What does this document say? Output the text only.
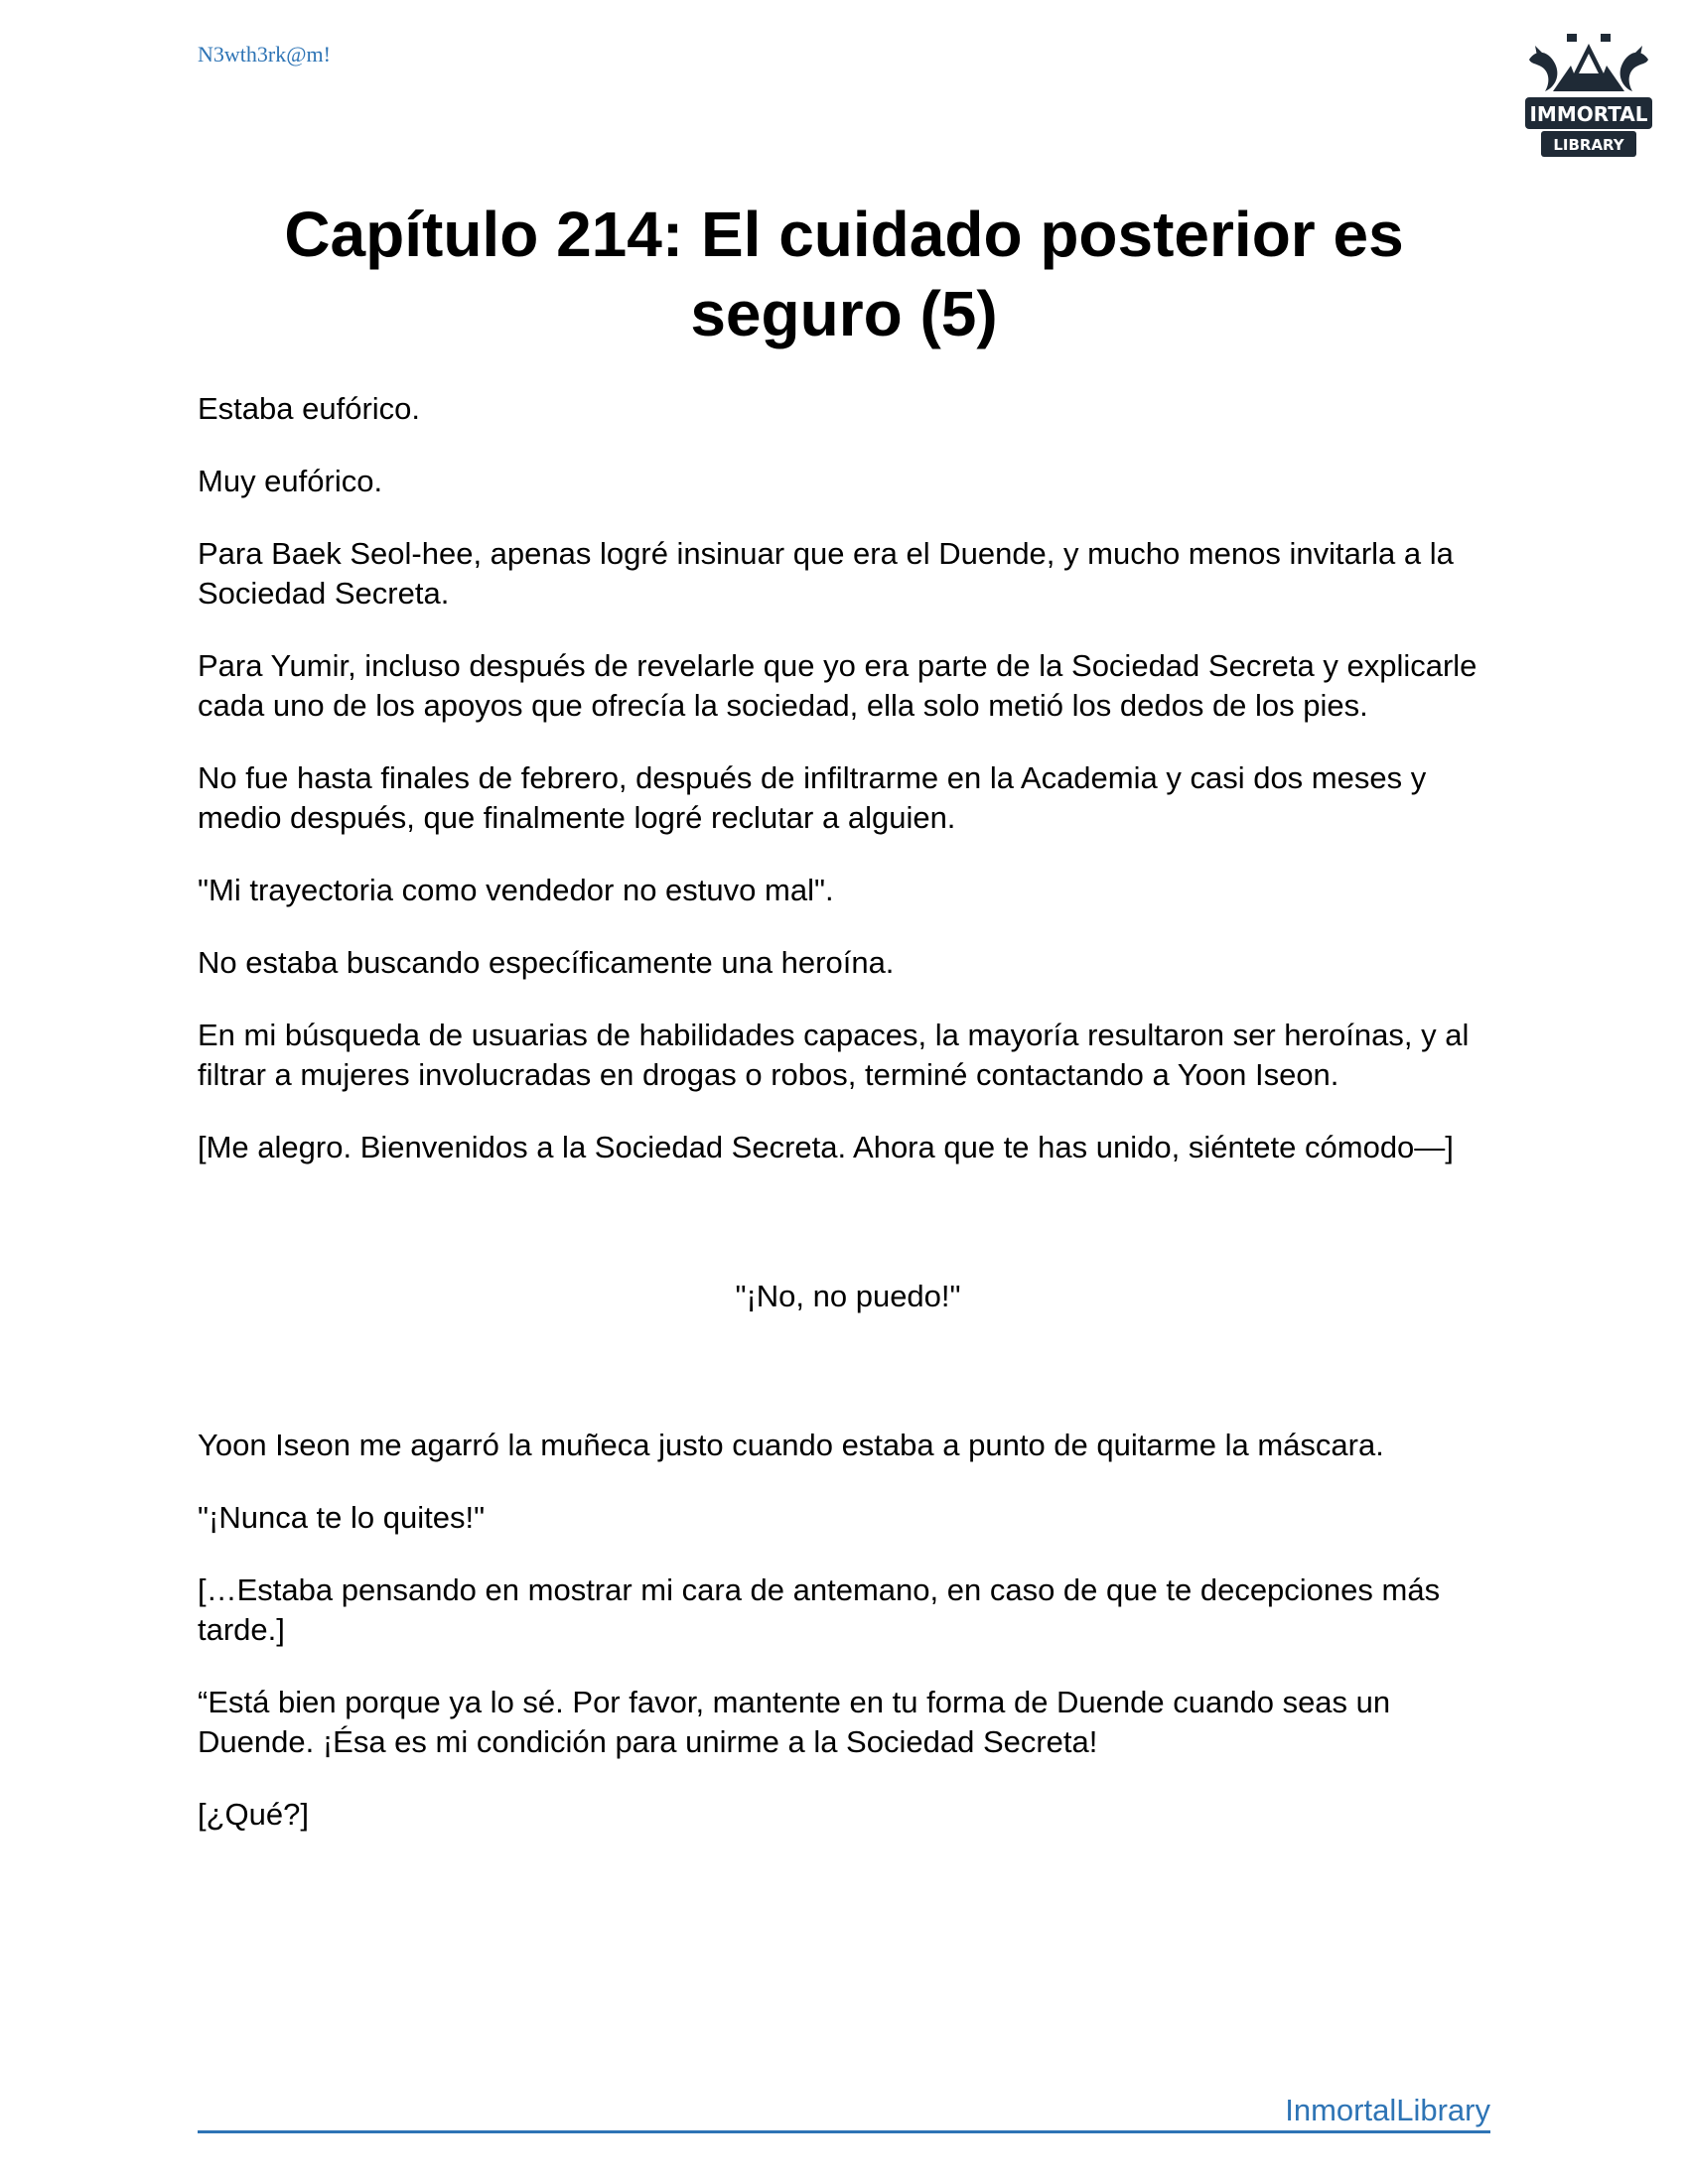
N3wth3rk@m!
IMMORTAL
LIBRARY
Capítulo 214: El cuidado posterior es
seguro (5)

Estaba eufórico.

Muy eufórico.

Para Baek Seol-hee, apenas logré insinuar que era el Duende, y mucho menos invitarla a la Sociedad Secreta.

Para Yumir, incluso después de revelarle que yo era parte de la Sociedad Secreta y explicarle cada uno de los apoyos que ofrecía la sociedad, ella solo metió los dedos de los pies.

No fue hasta finales de febrero, después de infiltrarme en la Academia y casi dos meses y medio después, que finalmente logré reclutar a alguien.

"Mi trayectoria como vendedor no estuvo mal".

No estaba buscando específicamente una heroína.

En mi búsqueda de usuarias de habilidades capaces, la mayoría resultaron ser heroínas, y al filtrar a mujeres involucradas en drogas o robos, terminé contactando a Yoon Iseon.

[Me alegro. Bienvenidos a la Sociedad Secreta. Ahora que te has unido, siéntete cómodo—]

"¡No, no puedo!"

Yoon Iseon me agarró la muñeca justo cuando estaba a punto de quitarme la máscara.

"¡Nunca te lo quites!"

[…Estaba pensando en mostrar mi cara de antemano, en caso de que te decepciones más tarde.]

“Está bien porque ya lo sé. Por favor, mantente en tu forma de Duende cuando seas un Duende. ¡Ésa es mi condición para unirme a la Sociedad Secreta!

[¿Qué?]

InmortalLibrary
